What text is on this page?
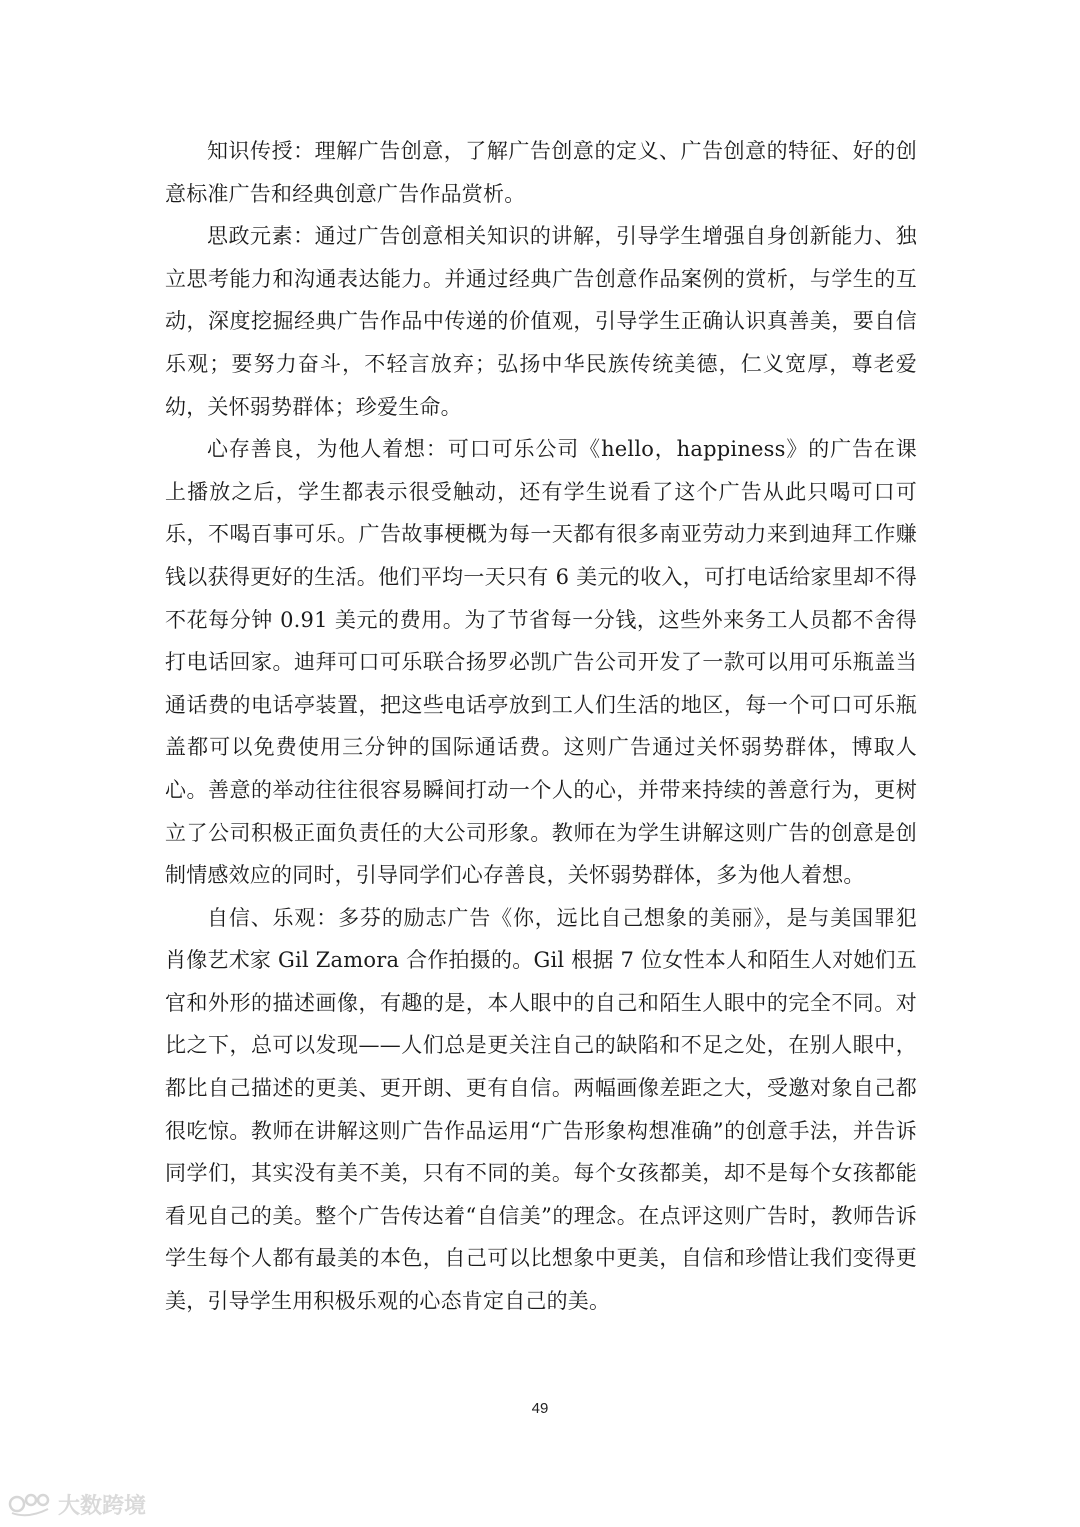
知识传授：理解广告创意，了解广告创意的定义、广告创意的特征、好的创意标准广告和经典创意广告作品赏析。

思政元素：通过广告创意相关知识的讲解，引导学生增强自身创新能力、独立思考能力和沟通表达能力。并通过经典广告创意作品案例的赏析，与学生的互动，深度挖掘经典广告作品中传递的价值观，引导学生正确认识真善美，要自信乐观；要努力奋斗，不轻言放弃；弘扬中华民族传统美德，仁义宽厚，尊老爱幼，关怀弱势群体；珍爱生命。

心存善良，为他人着想：可口可乐公司《hello，happiness》的广告在课上播放之后，学生都表示很受触动，还有学生说看了这个广告从此只喝可口可乐，不喝百事可乐。广告故事梗概为每一天都有很多南亚劳动力来到迪拜工作赚钱以获得更好的生活。他们平均一天只有 6 美元的收入，可打电话给家里却不得不花每分钟 0.91 美元的费用。为了节省每一分钱，这些外来务工人员都不舍得打电话回家。迪拜可口可乐联合扬罗必凯广告公司开发了一款可以用可乐瓶盖当通话费的电话亭装置，把这些电话亭放到工人们生活的地区，每一个可口可乐瓶盖都可以免费使用三分钟的国际通话费。这则广告通过关怀弱势群体，博取人心。善意的举动往往很容易瞬间打动一个人的心，并带来持续的善意行为，更树立了公司积极正面负责任的大公司形象。教师在为学生讲解这则广告的创意是创制情感效应的同时，引导同学们心存善良，关怀弱势群体，多为他人着想。

自信、乐观：多芬的励志广告《你，远比自己想象的美丽》，是与美国罪犯肖像艺术家 Gil Zamora 合作拍摄的。Gil 根据 7 位女性本人和陌生人对她们五官和外形的描述画像，有趣的是，本人眼中的自己和陌生人眼中的完全不同。对比之下，总可以发现——人们总是更关注自己的缺陷和不足之处，在别人眼中，都比自己描述的更美、更开朗、更有自信。两幅画像差距之大，受邀对象自己都很吃惊。教师在讲解这则广告作品运用“广告形象构想准确”的创意手法，并告诉同学们，其实没有美不美，只有不同的美。每个女孩都美，却不是每个女孩都能看见自己的美。整个广告传达着“自信美”的理念。在点评这则广告时，教师告诉学生每个人都有最美的本色，自己可以比想象中更美，自信和珍惜让我们变得更美，引导学生用积极乐观的心态肯定自己的美。

49
大数跨境
